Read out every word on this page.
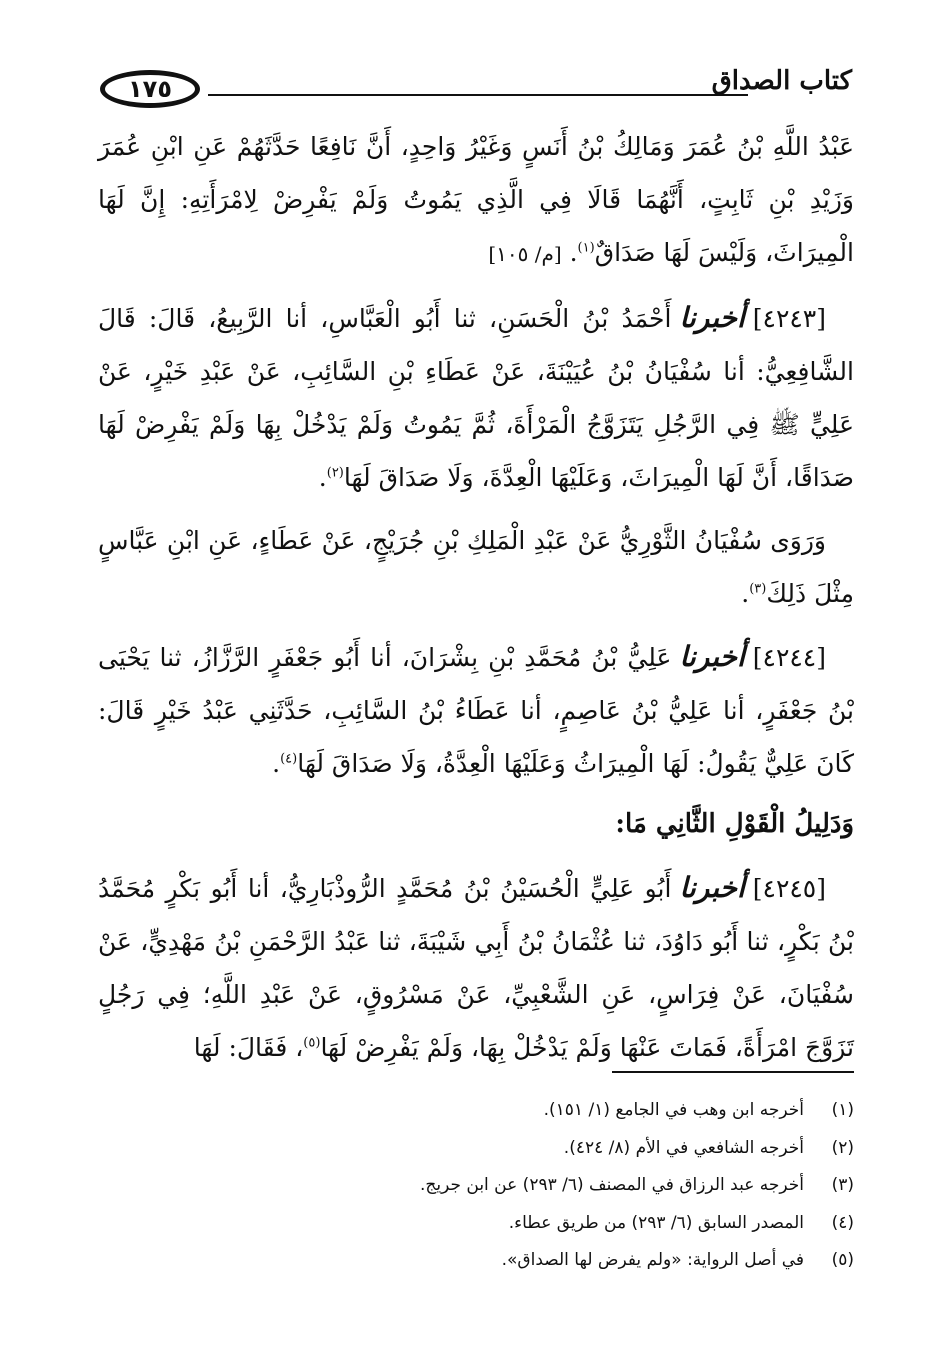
١٧٥	كتاب الصداق

عَبْدُ اللَّهِ بْنُ عُمَرَ وَمَالِكُ بْنُ أَنَسٍ وَغَيْرُ وَاحِدٍ، أَنَّ نَافِعًا حَدَّثَهُمْ عَنِ ابْنِ عُمَرَ وَزَيْدِ بْنِ ثَابِتٍ، أَنَّهُمَا قَالَا فِي الَّذِي يَمُوتُ وَلَمْ يَفْرِضْ لِامْرَأَتِهِ: إِنَّ لَهَا الْمِيرَاثَ، وَلَيْسَ لَهَا صَدَاقٌ$^{(١)}$. [م/ ١٠٥]

[٤٢٤٣]أخبرناأَحْمَدُ بْنُ الْحَسَنِ، ثنا أَبُو الْعَبَّاسِ، أنا الرَّبِيعُ، قَالَ: قَالَ الشَّافِعِيُّ: أنا سُفْيَانُ بْنُ عُيَيْنَةَ، عَنْ عَطَاءِ بْنِ السَّائِبِ، عَنْ عَبْدِ خَيْرٍ، عَنْ عَلِيٍّ ﷺ فِي الرَّجُلِ يَتَزَوَّجُ الْمَرْأَةَ، ثُمَّ يَمُوتُ وَلَمْ يَدْخُلْ بِهَا وَلَمْ يَفْرِضْ لَهَا صَدَاقًا، أَنَّ لَهَا الْمِيرَاثَ، وَعَلَيْهَا الْعِدَّةَ، وَلَا صَدَاقَ لَهَا$^{(٢)}$.

وَرَوَى سُفْيَانُ الثَّوْرِيُّ عَنْ عَبْدِ الْمَلِكِ بْنِ جُرَيْجٍ، عَنْ عَطَاءٍ، عَنِ ابْنِ عَبَّاسٍ مِثْلَ ذَلِكَ$^{(٣)}$.

[٤٢٤٤]أخبرناعَلِيُّ بْنُ مُحَمَّدِ بْنِ بِشْرَانَ، أنا أَبُو جَعْفَرٍ الرَّزَّازُ، ثنا يَحْيَى بْنُ جَعْفَرٍ، أنا عَلِيُّ بْنُ عَاصِمٍ، أنا عَطَاءُ بْنُ السَّائِبِ، حَدَّثَنِي عَبْدُ خَيْرٍ قَالَ: كَانَ عَلِيٌّ يَقُولُ: لَهَا الْمِيرَاثُ وَعَلَيْهَا الْعِدَّةُ، وَلَا صَدَاقَ لَهَا$^{(٤)}$.

وَدَلِيلُ الْقَوْلِ الثَّانِي مَا:

[٤٢٤٥]أخبرناأَبُو عَلِيٍّ الْحُسَيْنُ بْنُ مُحَمَّدٍ الرُّوذْبَارِيُّ، أنا أَبُو بَكْرٍ مُحَمَّدُ بْنُ بَكْرٍ، ثنا أَبُو دَاوُدَ، ثنا عُثْمَانُ بْنُ أَبِي شَيْبَةَ، ثنا عَبْدُ الرَّحْمَنِ بْنُ مَهْدِيٍّ، عَنْ سُفْيَانَ، عَنْ فِرَاسٍ، عَنِ الشَّعْبِيِّ، عَنْ مَسْرُوقٍ، عَنْ عَبْدِ اللَّهِ؛ فِي رَجُلٍ تَزَوَّجَ امْرَأَةً، فَمَاتَ عَنْهَا وَلَمْ يَدْخُلْ بِهَا، وَلَمْ يَفْرِضْ لَهَا$^{(٥)}$، فَقَالَ: لَهَا

(١)
أخرجه ابن وهب في الجامع (١/ ١٥١).
(٢)
أخرجه الشافعي في الأم (٨/ ٤٢٤).
(٣)
أخرجه عبد الرزاق في المصنف (٦/ ٢٩٣) عن ابن جريج.
(٤)
المصدر السابق (٦/ ٢٩٣) من طريق عطاء.
(٥)
في أصل الرواية: «ولم يفرض لها الصداق».
